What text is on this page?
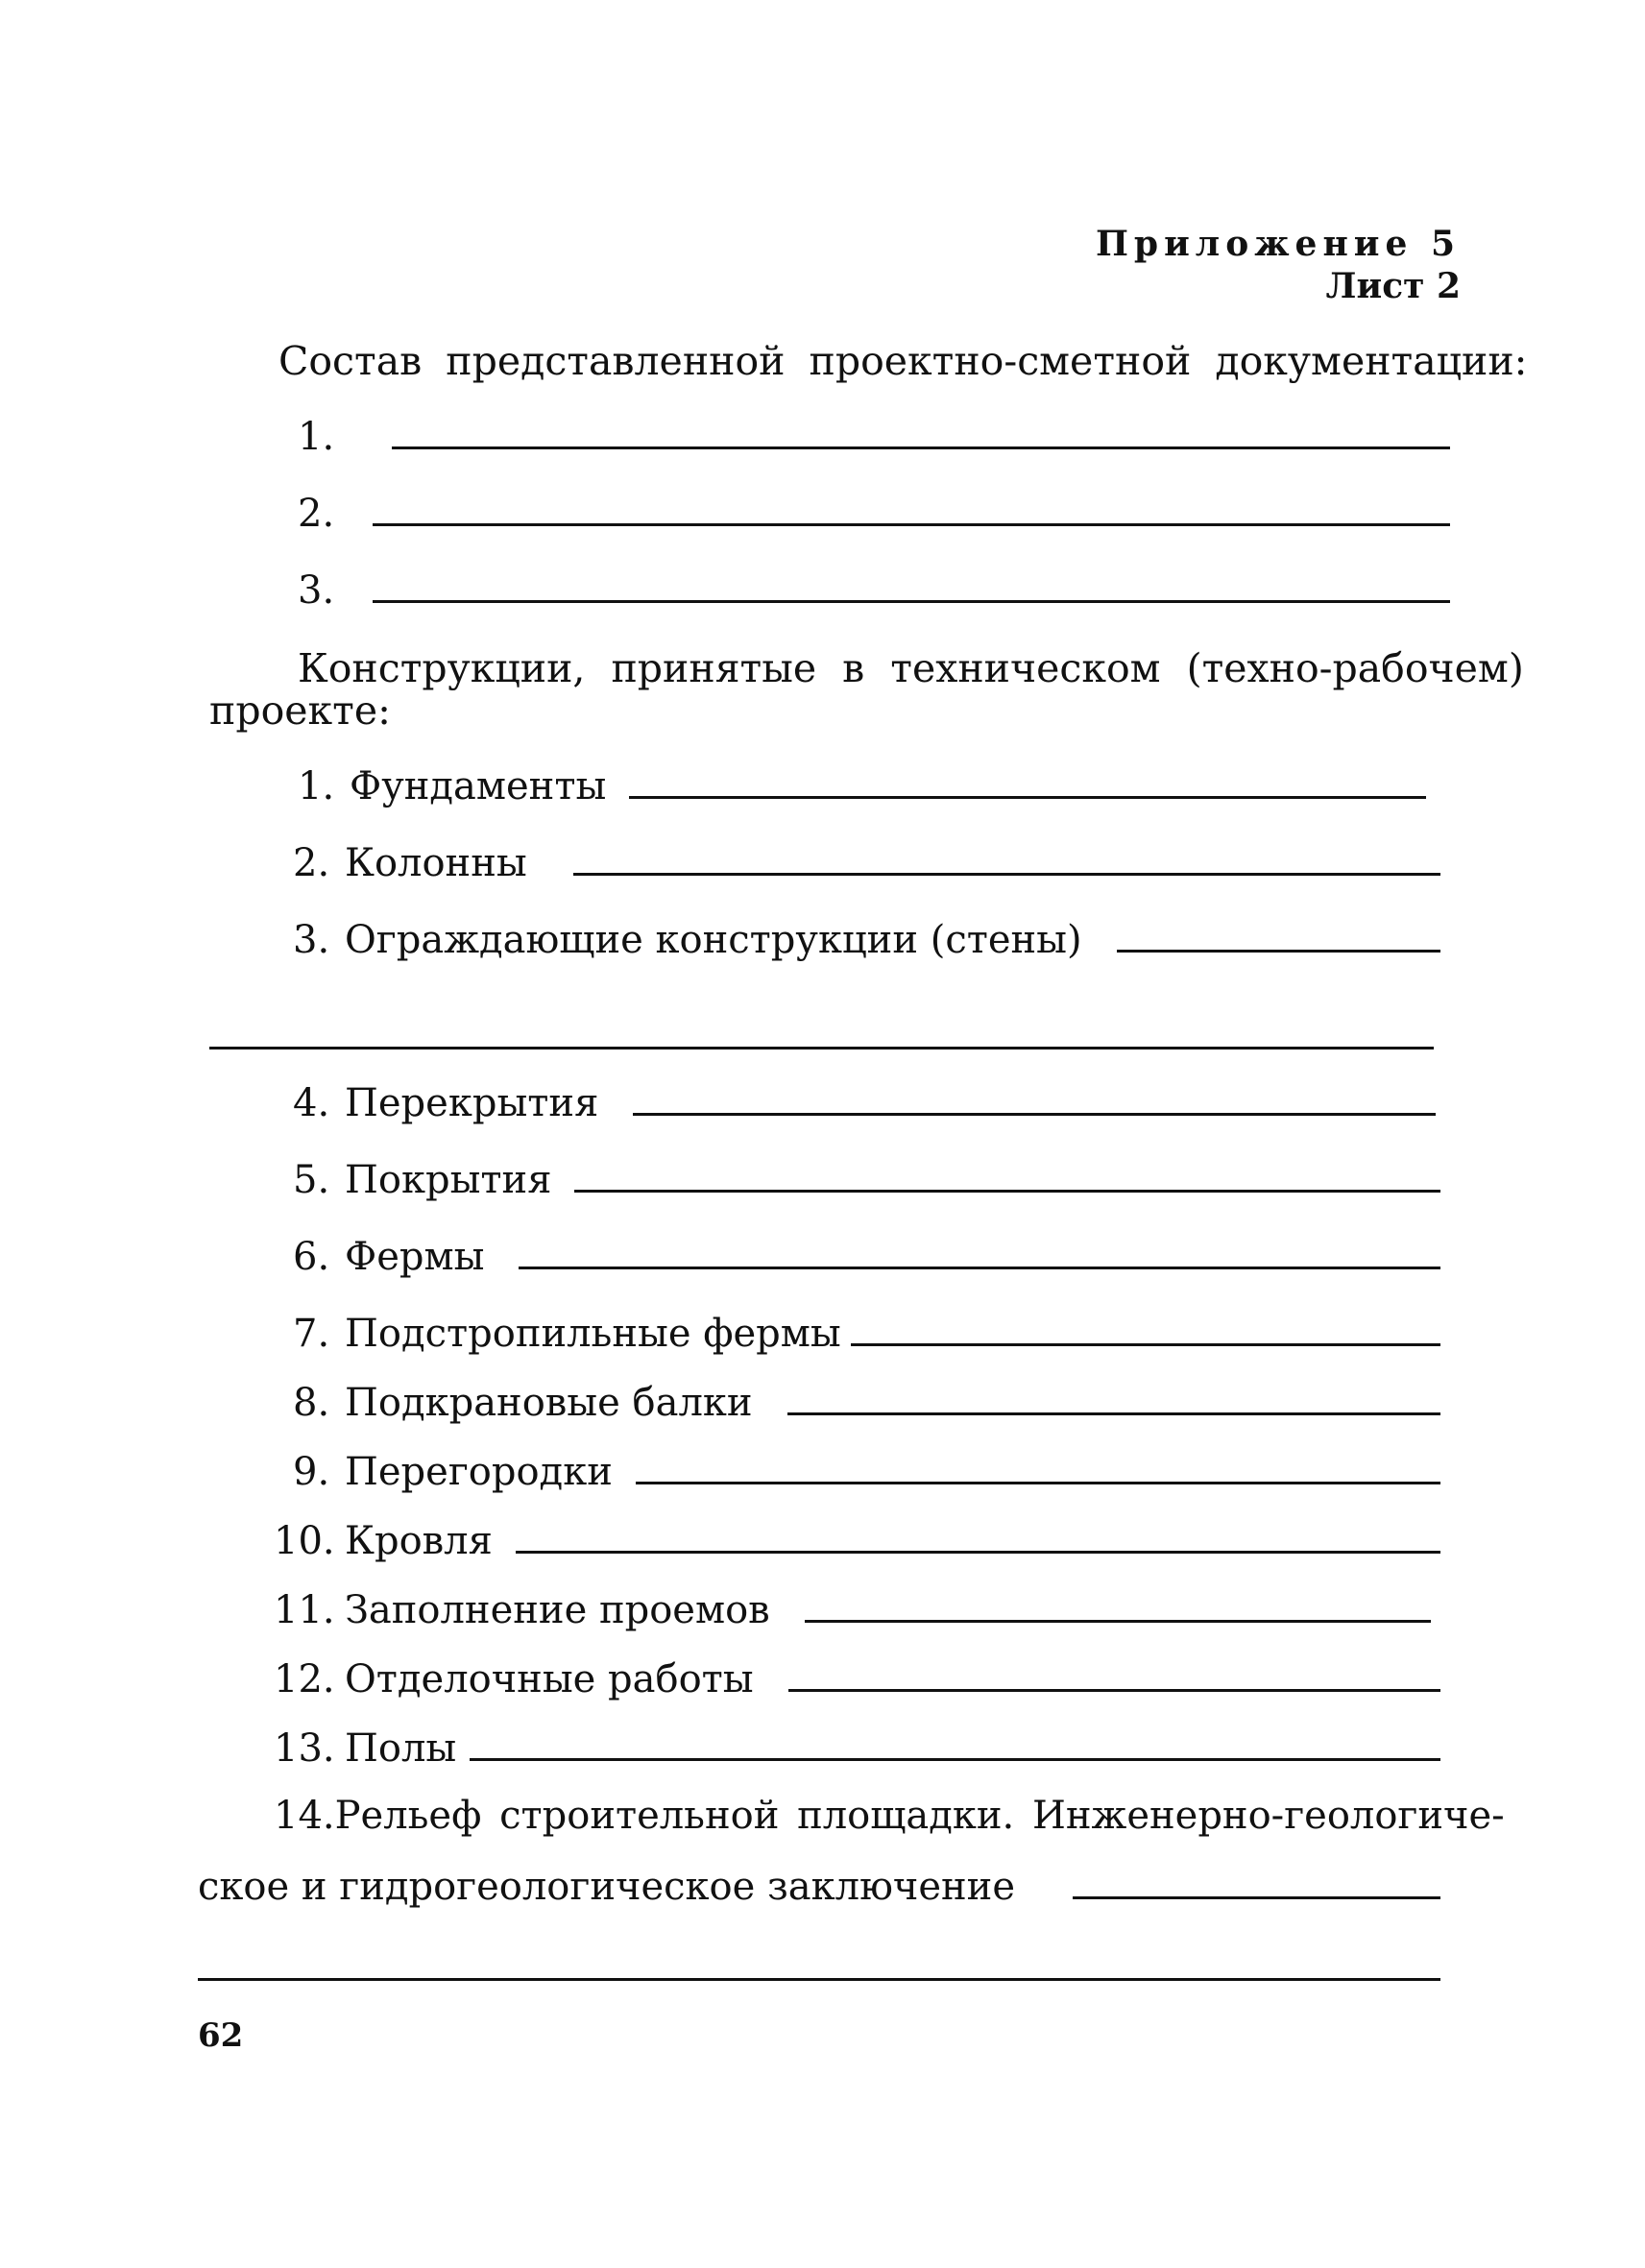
Приложение 5
Лист 2
Состав представленной проектно-сметной документации:
1.
2.
3.
Конструкции, принятые в техническом (техно-рабочем)
проекте:
1. Фундаменты
2. Колонны
3. Ограждающие конструкции (стены)
4. Перекрытия
5. Покрытия
6. Фермы
7. Подстропильные фермы
8. Подкрановые балки
9. Перегородки
10. Кровля
11. Заполнение проемов
12. Отделочные работы
13. Полы
14. Рельеф строительной площадки. Инженерно-геологиче-
ское и гидрогеологическое заключение
62
